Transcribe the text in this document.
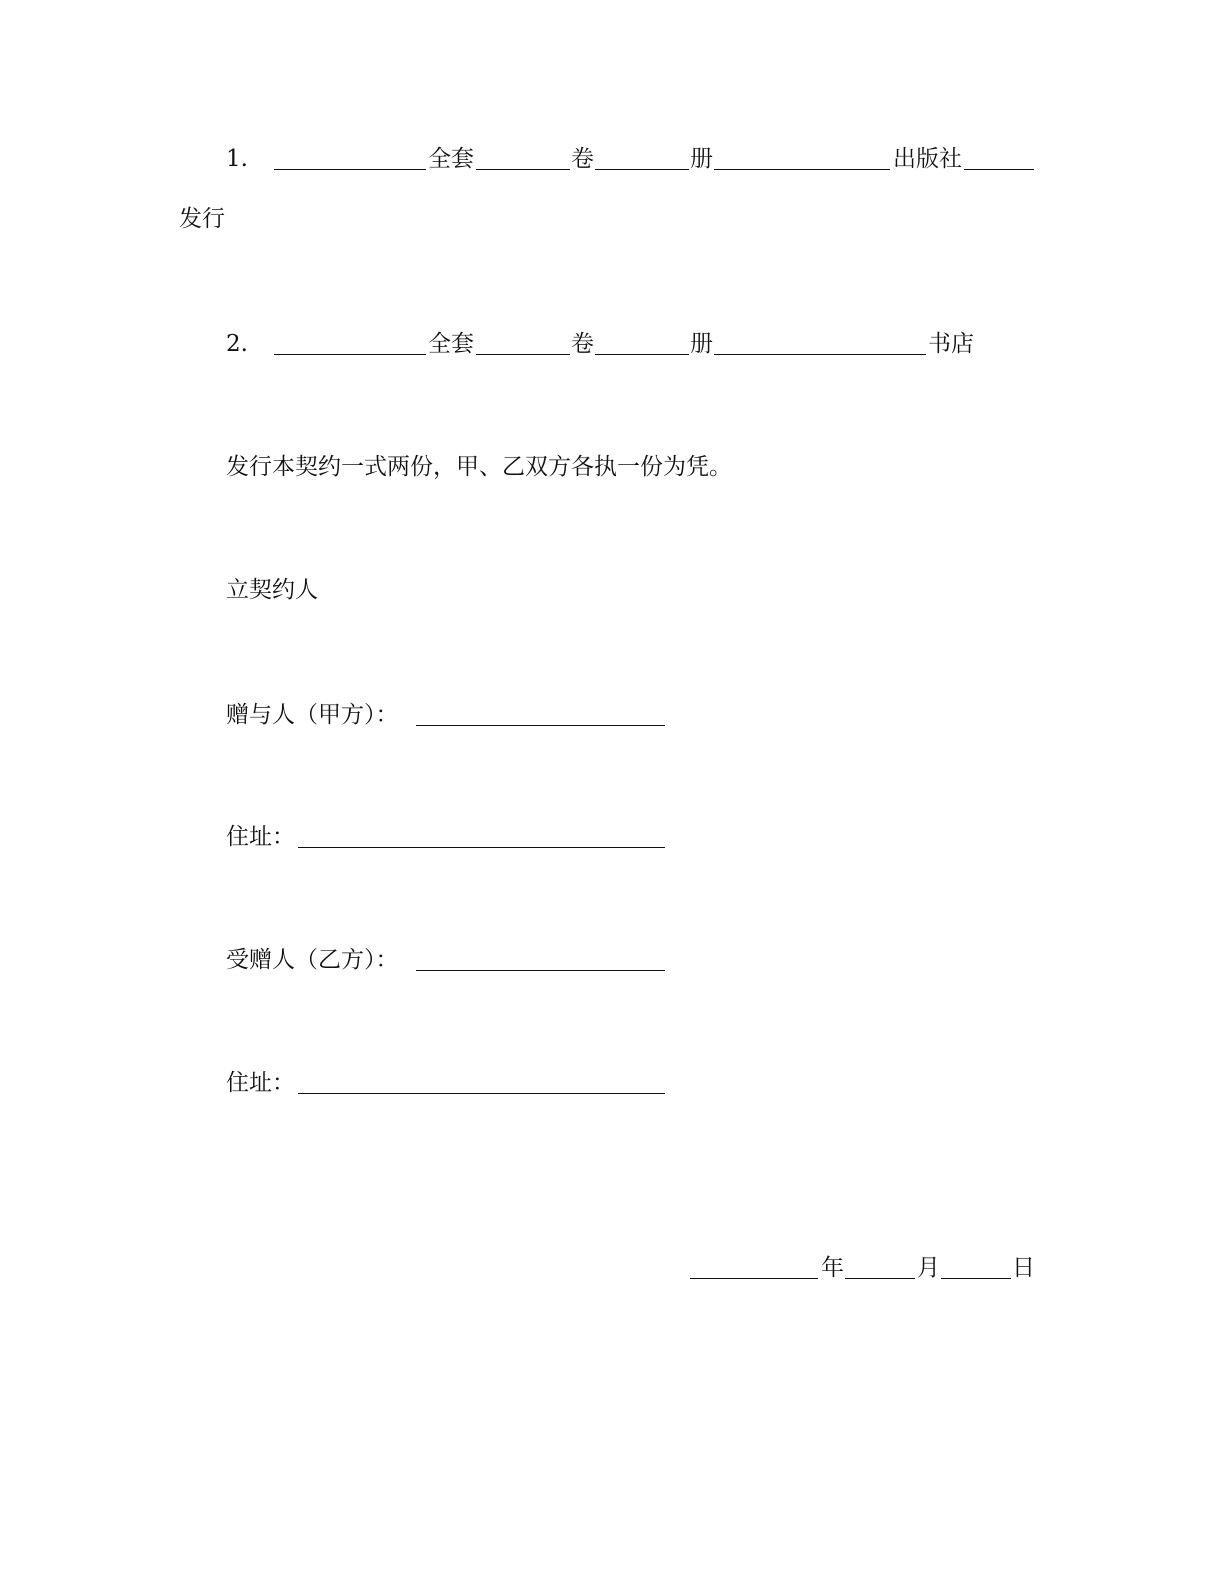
1.	全套	卷	册	出版社
发行
2.	全套	卷	册	书店
发行本契约一式两份，甲、乙双方各执一份为凭。
立契约人
赠与人（甲方）：
住址：
受赠人（乙方）：
住址：
年	月	日
